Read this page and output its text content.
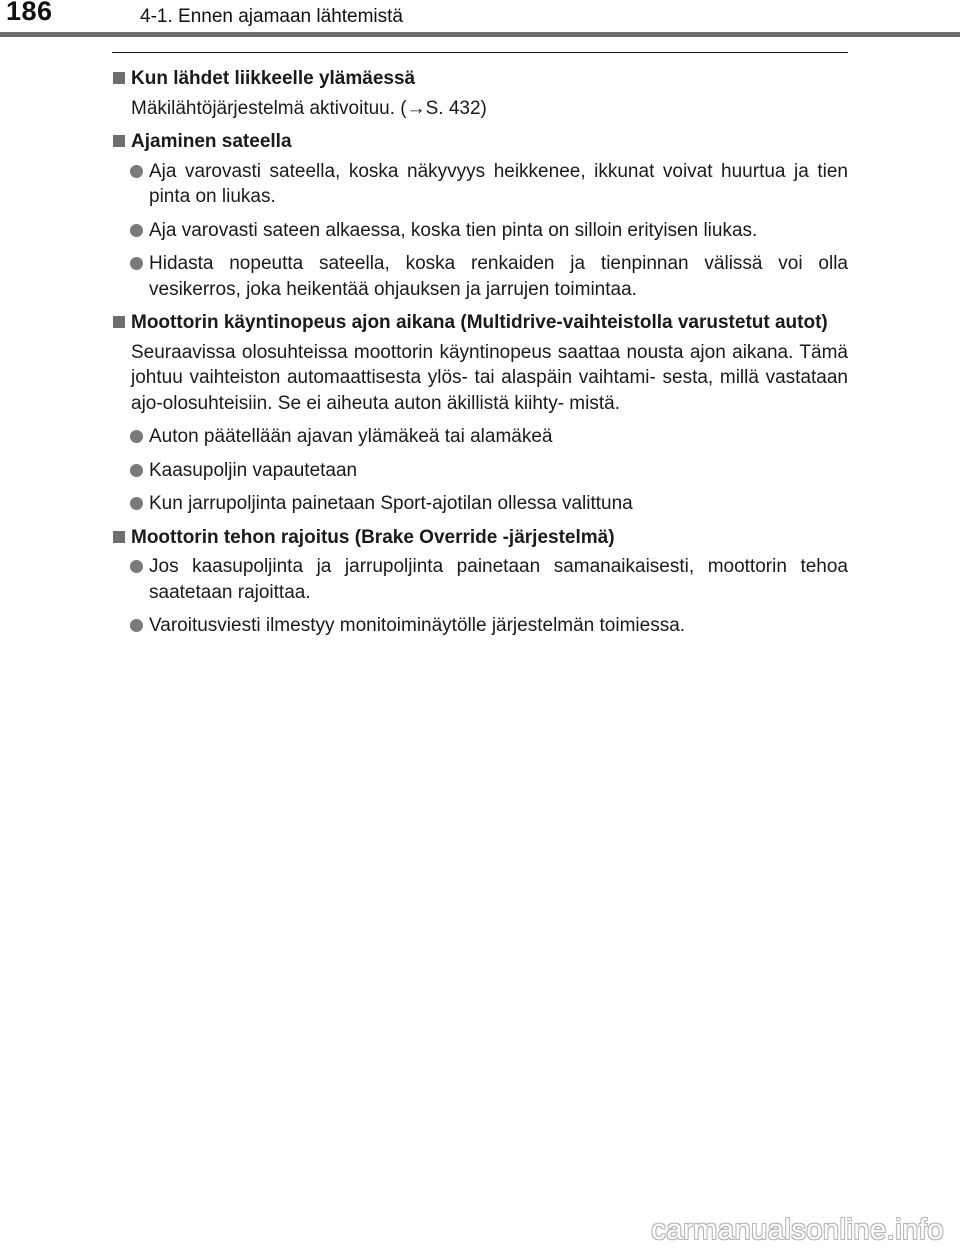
186	4-1. Ennen ajamaan lähtemistä
Kun lähdet liikkeelle ylämäessä
Mäkilähtöjärjestelmä aktivoituu. (→S. 432)
Ajaminen sateella
Aja varovasti sateella, koska näkyvyys heikkenee, ikkunat voivat huurtua ja tien pinta on liukas.
Aja varovasti sateen alkaessa, koska tien pinta on silloin erityisen liukas.
Hidasta nopeutta sateella, koska renkaiden ja tienpinnan välissä voi olla vesikerros, joka heikentää ohjauksen ja jarrujen toimintaa.
Moottorin käyntinopeus ajon aikana (Multidrive-vaihteistolla varustetut autot)
Seuraavissa olosuhteissa moottorin käyntinopeus saattaa nousta ajon aikana. Tämä johtuu vaihteiston automaattisesta ylös- tai alaspäin vaihtami- sesta, millä vastataan ajo-olosuhteisiin. Se ei aiheuta auton äkillistä kiihty- mistä.
Auton päätellään ajavan ylämäkeä tai alamäkeä
Kaasupoljin vapautetaan
Kun jarrupoljinta painetaan Sport-ajotilan ollessa valittuna
Moottorin tehon rajoitus (Brake Override -järjestelmä)
Jos kaasupoljinta ja jarrupoljinta painetaan samanaikaisesti, moottorin tehoa saatetaan rajoittaa.
Varoitusviesti ilmestyy monitoiminäytölle järjestelmän toimiessa.
carmanualsonline.info
